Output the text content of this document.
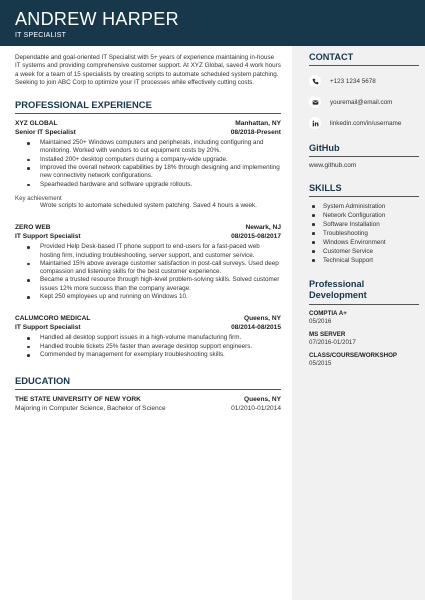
ANDREW HARPER
IT SPECIALIST

Dependable and goal-oriented IT Specialist with 5+ years of experience maintaining in-house IT systems and providing comprehensive customer support. At XYZ Global, saved 4 work hours a week for a team of 15 specialists by creating scripts to automate scheduled system patching. Seeking to join ABC Corp to optimize your IT processes while effectively cutting costs.

PROFESSIONAL EXPERIENCE
XYZ GLOBAL	Manhattan, NY
Senior IT Specialist	08/2018-Present
Maintained 250+ Windows computers and peripherals, including configuring and monitoring. Worked with vendors to cut equipment costs by 20%.
Installed 200+ desktop computers during a company-wide upgrade.
Improved the overall network capabilities by 18% through designing and implementing new connectivity network configurations.
Spearheaded hardware and software upgrade rollouts.
Key achievement
Wrote scripts to automate scheduled system patching. Saved 4 hours a week.
ZERO WEB	Newark, NJ
IT Support Specialist	08/2015-08/2017
Provided Help Desk-based IT phone support to end-users for a fast-paced web hosting firm, including troubleshooting, server support, and customer service.
Maintained 15% above average customer satisfaction in post-call surveys. Used deep compassion and listening skills for the best customer experience.
Became a trusted resource through high-level problem-solving skills. Solved customer issues 12% more success than the company average.
Kept 250 employees up and running on Windows 10.
CALUMCORO MEDICAL	Queens, NY
IT Support Specialist	08/2014-08/2015
Handled all desktop support issues in a high-volume manufacturing firm.
Handled trouble tickets 25% faster than average desktop support engineers.
Commended by management for exemplary troubleshooting skills.
EDUCATION
THE STATE UNIVERSITY OF NEW YORK	Queens, NY
Majoring in Computer Science, Bachelor of Science	01/2010-01/2014
CONTACT
+123 1234 5678
youremail@email.com
linkedin.com/in/username
GitHub
www.github.com
SKILLS
System Administration
Network Configuration
Software Installation
Troubleshooting
Windows Environment
Customer Service
Technical Support
Professional Development
COMPTIA A+
05/2016
MS SERVER
07/2016-01/2017
CLASS/COURSE/WORKSHOP
05/2015
